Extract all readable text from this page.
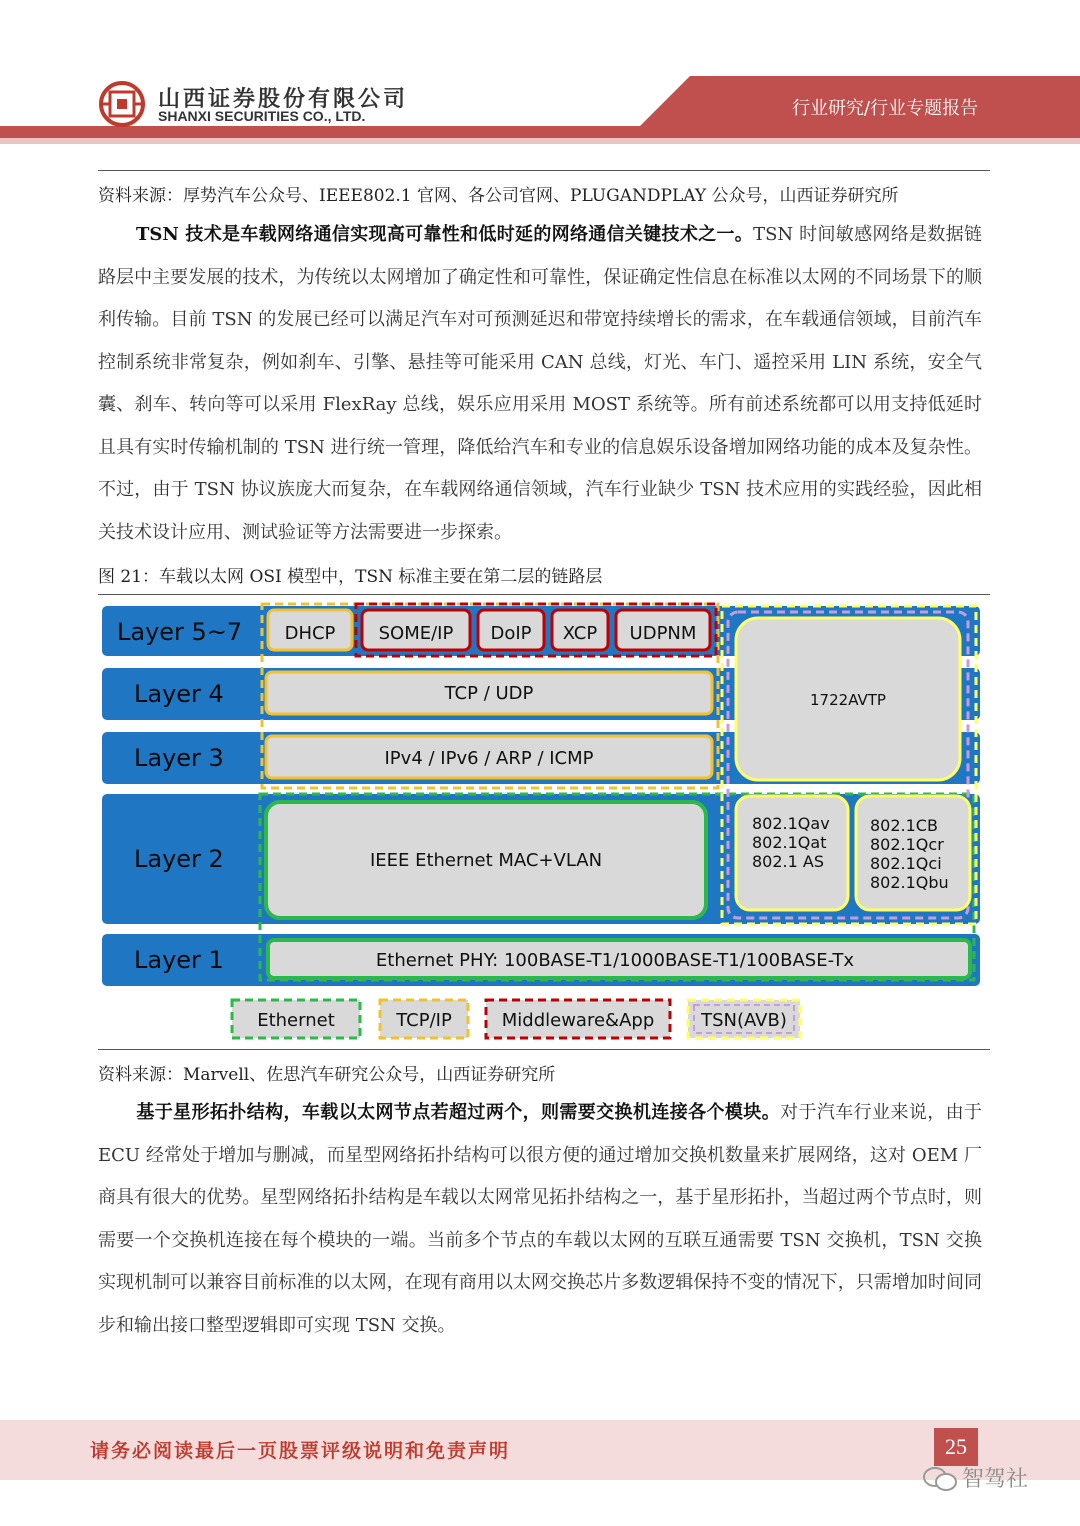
山西证券股份有限公司
SHANXI SECURITIES CO., LTD.	行业研究/行业专题报告
资料来源：厚势汽车公众号、IEEE802.1 官网、各公司官网、PLUGANDPLAY 公众号，山西证券研究所
TSN 技术是车载网络通信实现高可靠性和低时延的网络通信关键技术之一。TSN 时间敏感网络是数据链路层中主要发展的技术，为传统以太网增加了确定性和可靠性，保证确定性信息在标准以太网的不同场景下的顺利传输。目前 TSN 的发展已经可以满足汽车对可预测延迟和带宽持续增长的需求，在车载通信领域，目前汽车控制系统非常复杂，例如刹车、引擎、悬挂等可能采用 CAN 总线，灯光、车门、遥控采用 LIN 系统，安全气囊、刹车、转向等可以采用 FlexRay 总线，娱乐应用采用 MOST 系统等。所有前述系统都可以用支持低延时且具有实时传输机制的 TSN 进行统一管理，降低给汽车和专业的信息娱乐设备增加网络功能的成本及复杂性。不过，由于 TSN 协议族庞大而复杂，在车载网络通信领域，汽车行业缺少 TSN 技术应用的实践经验，因此相关技术设计应用、测试验证等方法需要进一步探索。
图 21：车载以太网 OSI 模型中，TSN 标准主要在第二层的链路层
Layer 5~7
Layer 4
Layer 3
Layer 2
Layer 1
DHCP SOME/IP DoIP XCP UDPNM
TCP / UDP
IPv4 / IPv6 / ARP / ICMP
IEEE Ethernet MAC+VLAN
Ethernet PHY: 100BASE-T1/1000BASE-T1/100BASE-Tx
1722AVTP
802.1Qav
802.1Qat
802.1 AS
802.1CB
802.1Qcr
802.1Qci
802.1Qbu
Ethernet	TCP/IP	Middleware&App	TSN(AVB)
资料来源：Marvell、佐思汽车研究公众号，山西证券研究所
基于星形拓扑结构，车载以太网节点若超过两个，则需要交换机连接各个模块。对于汽车行业来说，由于 ECU 经常处于增加与删减，而星型网络拓扑结构可以很方便的通过增加交换机数量来扩展网络，这对 OEM 厂商具有很大的优势。星型网络拓扑结构是车载以太网常见拓扑结构之一，基于星形拓扑，当超过两个节点时，则需要一个交换机连接在每个模块的一端。当前多个节点的车载以太网的互联互通需要 TSN 交换机，TSN 交换实现机制可以兼容目前标准的以太网，在现有商用以太网交换芯片多数逻辑保持不变的情况下，只需增加时间同步和输出接口整型逻辑即可实现 TSN 交换。
请务必阅读最后一页股票评级说明和免责声明	25
智驾社
